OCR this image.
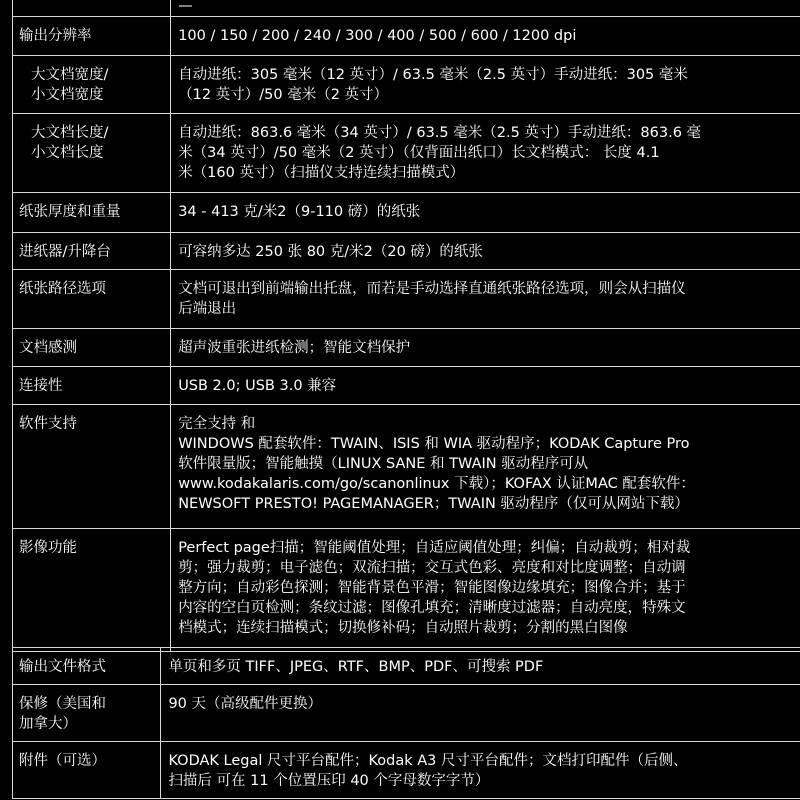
	—

输出分辨率	100 / 150 / 200 / 240 / 300 / 400 / 500 / 600 / 1200 dpi

大文档宽度/
小文档宽度	自动进纸：305 毫米（12 英寸）/ 63.5 毫米（2.5 英寸）手动进纸：305 毫米
（12 英寸）/50 毫米（2 英寸）

大文档长度/
小文档长度	自动进纸：863.6 毫米（34 英寸）/ 63.5 毫米（2.5 英寸）手动进纸：863.6 毫
米（34 英寸）/50 毫米（2 英寸）（仅背面出纸口）长文档模式： 长度 4.1
米（160 英寸）（扫描仪支持连续扫描模式）

纸张厚度和重量	34 - 413 克/米2（9-110 磅）的纸张

进纸器/升降台	可容纳多达 250 张 80 克/米2（20 磅）的纸张

纸张路径选项	文档可退出到前端输出托盘，而若是手动选择直通纸张路径选项，则会从扫描仪
后端退出

文档感测	超声波重张进纸检测；智能文档保护

连接性	USB 2.0; USB 3.0 兼容

软件支持	完全支持 和
WINDOWS 配套软件：TWAIN、ISIS 和 WIA 驱动程序；KODAK Capture Pro
软件限量版；智能触摸（LINUX SANE 和 TWAIN 驱动程序可从
www.kodakalaris.com/go/scanonlinux 下载）；KOFAX 认证MAC 配套软件：
NEWSOFT PRESTO! PAGEMANAGER；TWAIN 驱动程序（仅可从网站下载）

影像功能	Perfect page扫描；智能阈值处理；自适应阈值处理；纠偏；自动裁剪；相对裁
剪；强力裁剪；电子滤色；双流扫描；交互式色彩、亮度和对比度调整；自动调
整方向；自动彩色探测；智能背景色平滑；智能图像边缘填充；图像合并；基于
内容的空白页检测；条纹过滤；图像孔填充；清晰度过滤器；自动亮度，特殊文
档模式；连续扫描模式；切换修补码；自动照片裁剪；分割的黑白图像
输出文件格式	单页和多页 TIFF、JPEG、RTF、BMP、PDF、可搜索 PDF

保修（美国和
加拿大）	90 天（高级配件更换）

附件（可选）	KODAK Legal 尺寸平台配件；Kodak A3 尺寸平台配件；文档打印配件（后侧、
扫描后 可在 11 个位置压印 40 个字母数字字节）
